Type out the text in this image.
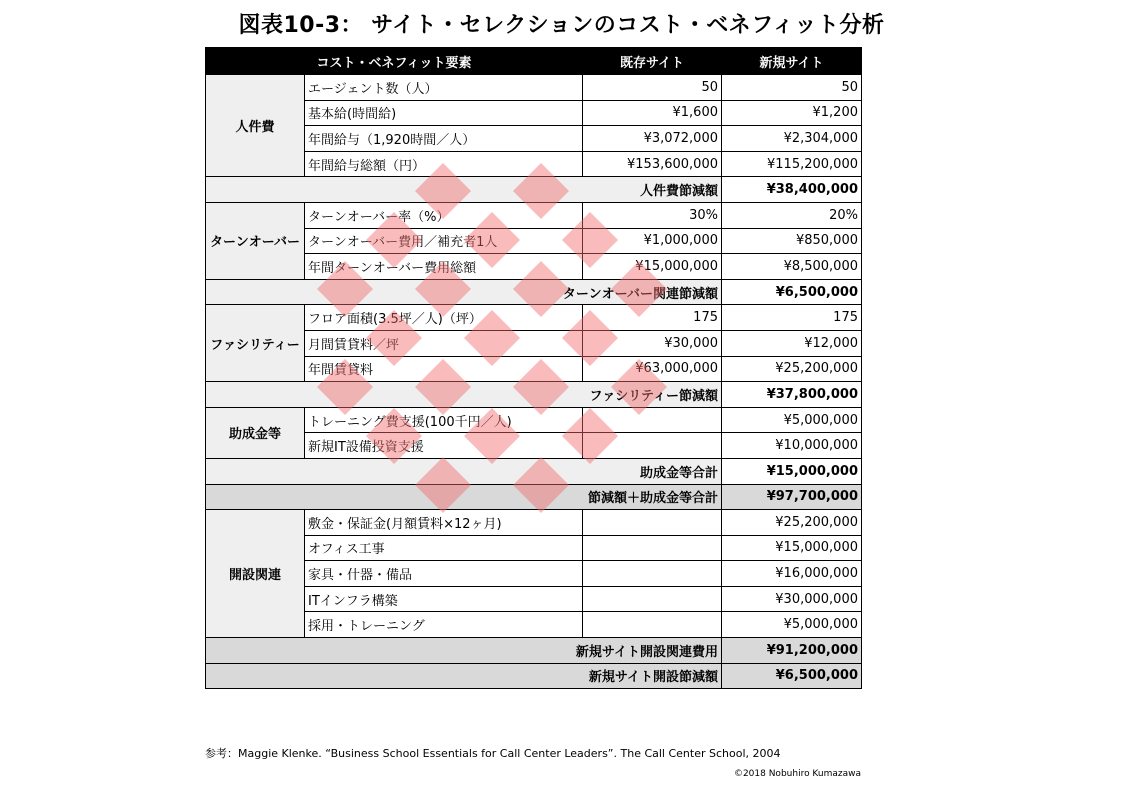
図表10-3： サイト・セレクションのコスト・ベネフィット分析
コスト・ベネフィット要素		既存サイト	新規サイト
人件費	エージェント数（人）	50	50
	基本給(時間給)	¥1,600	¥1,200
	年間給与（1,920時間／人）	¥3,072,000	¥2,304,000
	年間給与総額（円）	¥153,600,000	¥115,200,000
人件費節減額			¥38,400,000
ターンオーバー	ターンオーバー率（%）	30%	20%
	ターンオーバー費用／補充者1人	¥1,000,000	¥850,000
	年間ターンオーバー費用総額	¥15,000,000	¥8,500,000
ターンオーバー関連節減額			¥6,500,000
ファシリティー	フロア面積(3.5坪／人)（坪）	175	175
	月間賃貸料／坪	¥30,000	¥12,000
	年間賃貸料	¥63,000,000	¥25,200,000
ファシリティー節減額			¥37,800,000
助成金等	トレーニング費支援(100千円／人)		¥5,000,000
	新規IT設備投資支援		¥10,000,000
助成金等合計			¥15,000,000
節減額＋助成金等合計			¥97,700,000
開設関連	敷金・保証金(月額賃料×12ヶ月)		¥25,200,000
	オフィス工事		¥15,000,000
	家具・什器・備品		¥16,000,000
	ITインフラ構築		¥30,000,000
	採用・トレーニング		¥5,000,000
新規サイト開設関連費用			¥91,200,000
新規サイト開設節減額			¥6,500,000
参考：Maggie Klenke. “Business School Essentials for Call Center Leaders”. The Call Center School, 2004
©2018 Nobuhiro Kumazawa
